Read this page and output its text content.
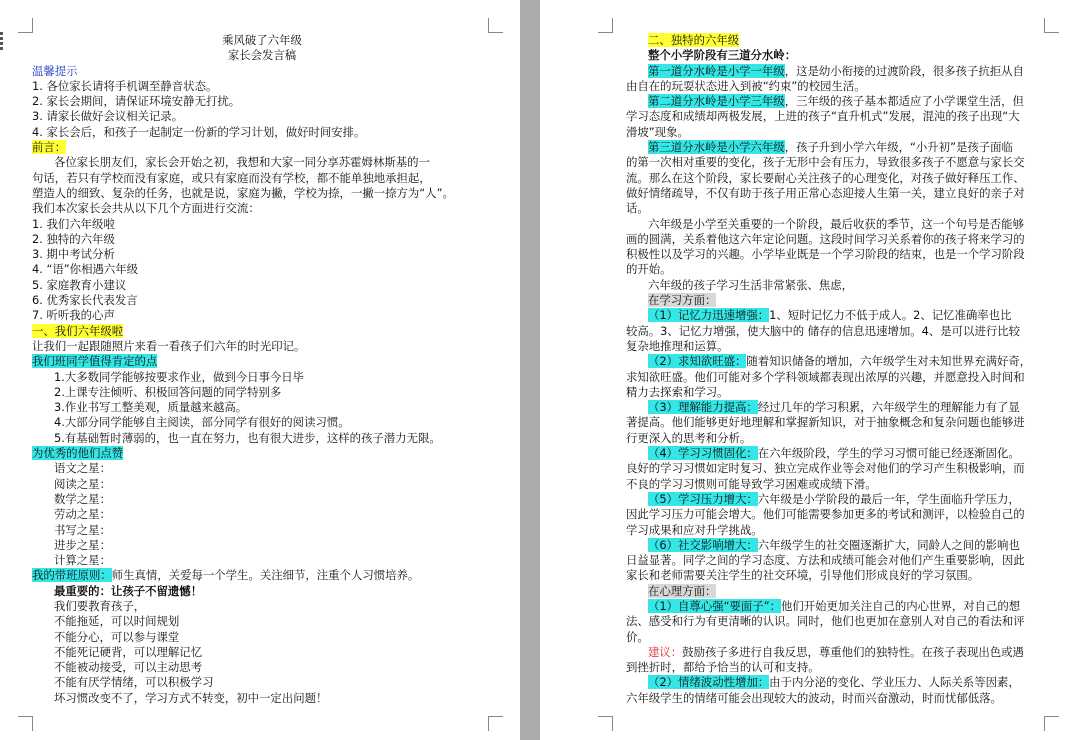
乘风破了六年级

家长会发言稿

温馨提示

1. 各位家长请将手机调至静音状态。

2. 家长会期间，请保证环境安静无打扰。

3. 请家长做好会议相关记录。

4. 家长会后，和孩子一起制定一份新的学习计划，做好时间安排。

前言：

各位家长朋友们，家长会开始之初，我想和大家一同分享苏霍姆林斯基的一

句话，若只有学校而没有家庭，或只有家庭而没有学校，都不能单独地承担起，

塑造人的细致、复杂的任务，也就是说，家庭为撇，学校为捺，一撇一捺方为“人”。

我们本次家长会共从以下几个方面进行交流：

1. 我们六年级啦

2. 独特的六年级

3. 期中考试分析

4. “语”你相遇六年级

5. 家庭教育小建议

6. 优秀家长代表发言

7. 听听我的心声

一、我们六年级啦

让我们一起跟随照片来看一看孩子们六年的时光印记。

我们班同学值得肯定的点

1.大多数同学能够按要求作业，做到今日事今日毕

2.上课专注倾听、积极回答问题的同学特别多

3.作业书写工整美观，质量越来越高。

4.大部分同学能够自主阅读，部分同学有很好的阅读习惯。

5.有基础暂时薄弱的，也一直在努力，也有很大进步，这样的孩子潜力无限。

为优秀的他们点赞

语文之星：

阅读之星：

数学之星：

劳动之星：

书写之星：

进步之星：

计算之星：

我的带班原则：师生真情，关爱每一个学生。关注细节，注重个人习惯培养。

最重要的：让孩子不留遗憾！

我们要教育孩子，

不能拖延，可以时间规划

不能分心，可以参与课堂

不能死记硬背，可以理解记忆

不能被动接受，可以主动思考

不能有厌学情绪，可以积极学习

坏习惯改变不了，学习方式不转变，初中一定出问题！

二、独特的六年级

整个小学阶段有三道分水岭：

第一道分水岭是小学一年级，这是幼小衔接的过渡阶段，很多孩子抗拒从自

由自在的玩耍状态进入到被“约束”的校园生活。

第二道分水岭是小学三年级，三年级的孩子基本都适应了小学课堂生活，但

学习态度和成绩却两极发展，上进的孩子“直升机式”发展，混沌的孩子出现“大

滑坡”现象。

第三道分水岭是小学六年级，孩子升到小学六年级，“小升初”是孩子面临

的第一次相对重要的变化，孩子无形中会有压力，导致很多孩子不愿意与家长交

流。那么在这个阶段，家长要耐心关注孩子的心理变化，对孩子做好释压工作、

做好情绪疏导，不仅有助于孩子用正常心态迎接人生第一关，建立良好的亲子对

话。

六年级是小学至关重要的一个阶段，最后收获的季节，这一个句号是否能够

画的圆满，关系着他这六年定论问题。这段时间学习关系着你的孩子将来学习的

积极性以及学习的兴趣。小学毕业既是一个学习阶段的结束，也是一个学习阶段

的开始。

六年级的孩子学习生活非常紧张、焦虑，

在学习方面：

（1）记忆力迅速增强：1、短时记忆力不低于成人。2、记忆准确率也比

较高。3、记忆力增强，使大脑中的 储存的信息迅速增加。4、是可以进行比较

复杂地推理和运算。

（2）求知欲旺盛：随着知识储备的增加，六年级学生对未知世界充满好奇，

求知欲旺盛。他们可能对多个学科领域都表现出浓厚的兴趣，并愿意投入时间和

精力去探索和学习。

（3）理解能力提高：经过几年的学习积累，六年级学生的理解能力有了显

著提高。他们能够更好地理解和掌握新知识，对于抽象概念和复杂问题也能够进

行更深入的思考和分析。

（4）学习习惯固化：在六年级阶段，学生的学习习惯可能已经逐渐固化。

良好的学习习惯如定时复习、独立完成作业等会对他们的学习产生积极影响，而

不良的学习习惯则可能导致学习困难或成绩下滑。

（5）学习压力增大：六年级是小学阶段的最后一年，学生面临升学压力，

因此学习压力可能会增大。他们可能需要参加更多的考试和测评，以检验自己的

学习成果和应对升学挑战。

（6）社交影响增大：六年级学生的社交圈逐渐扩大，同龄人之间的影响也

日益显著。同学之间的学习态度、方法和成绩可能会对他们产生重要影响，因此

家长和老师需要关注学生的社交环境，引导他们形成良好的学习氛围。

在心理方面：

（1）自尊心强“要面子”：他们开始更加关注自己的内心世界，对自己的想

法、感受和行为有更清晰的认识。同时，他们也更加在意别人对自己的看法和评

价。

建议：鼓励孩子多进行自我反思，尊重他们的独特性。在孩子表现出色或遇

到挫折时，都给予恰当的认可和支持。

（2）情绪波动性增加：由于内分泌的变化、学业压力、人际关系等因素，

六年级学生的情绪可能会出现较大的波动，时而兴奋激动，时而忧郁低落。
